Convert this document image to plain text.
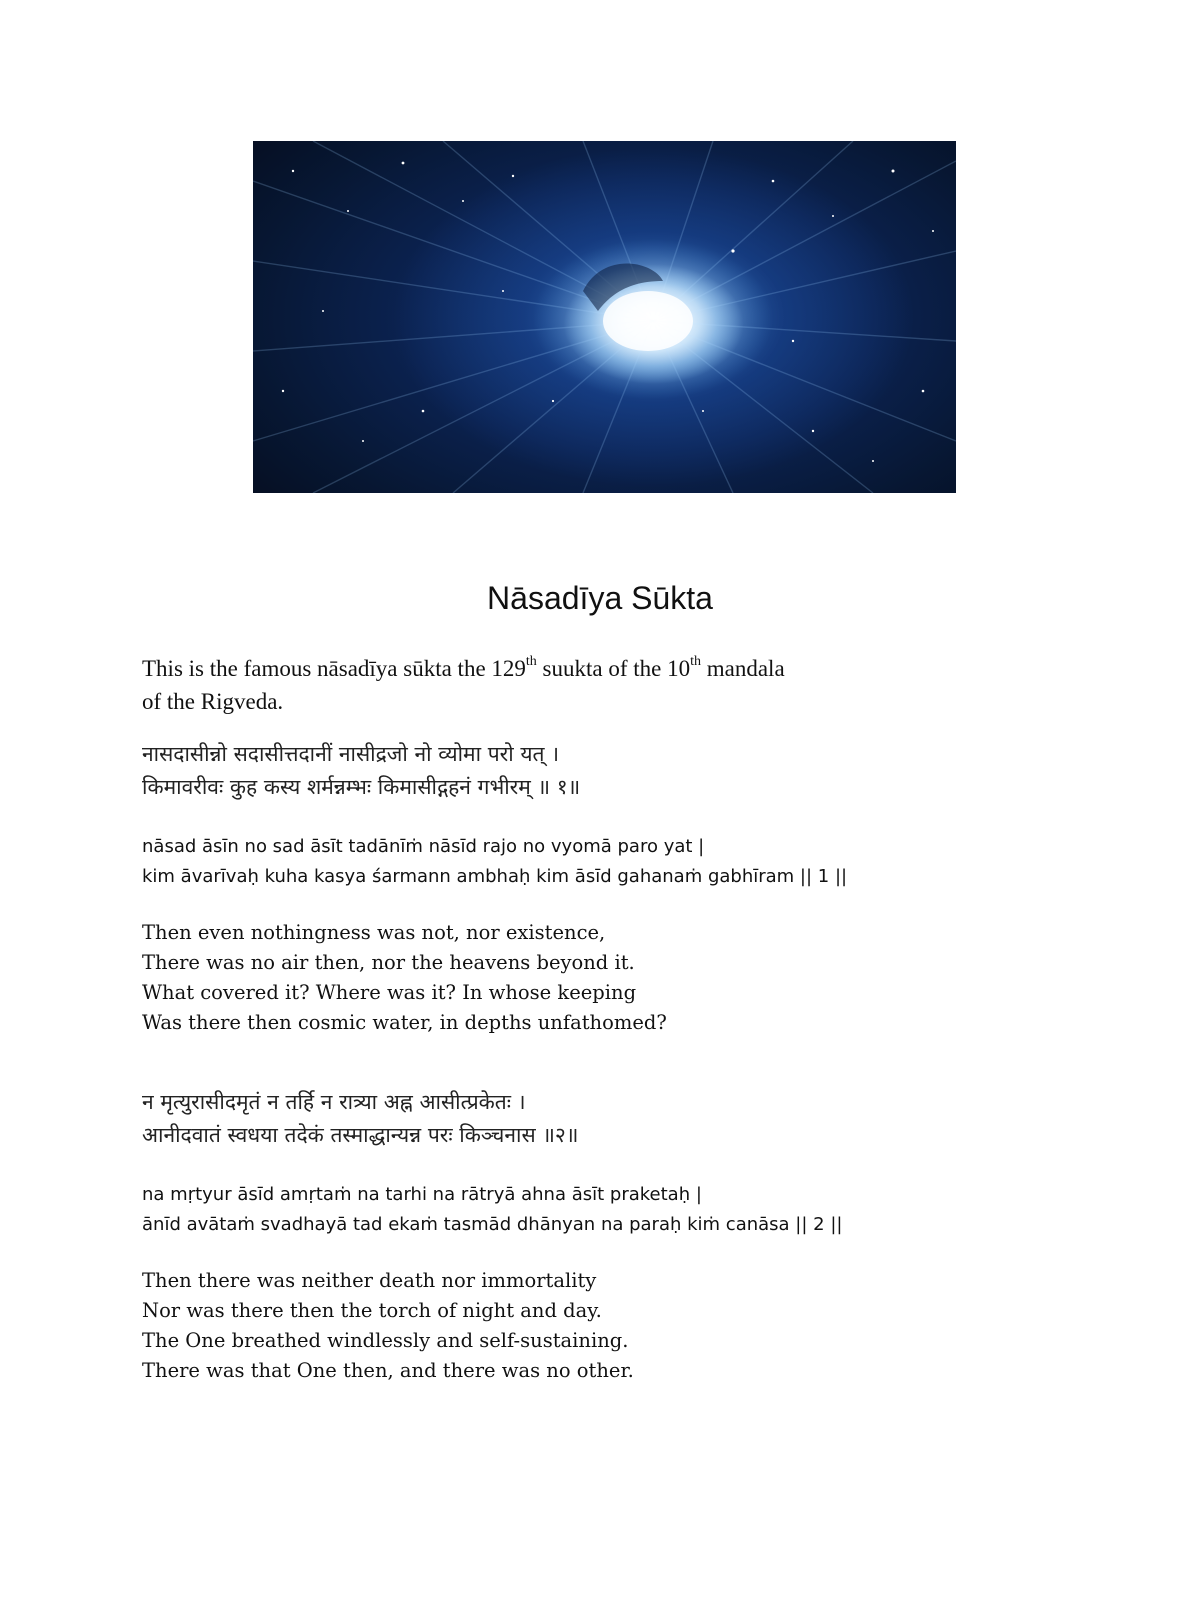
Nāsadīya Sūkta
This is the famous nāsadīya sūkta the 129th suukta of the 10th mandala
of the Rigveda.
नासदासीन्नो सदासीत्तदानीं नासीद्रजो नो व्योमा परो यत् ।
किमावरीवः कुह कस्य शर्मन्नम्भः किमासीद्गहनं गभीरम् ॥ १॥
nāsad āsīn no sad āsīt tadānīṁ nāsīd rajo no vyomā paro yat |
kim āvarīvaḥ kuha kasya śarmann ambhaḥ kim āsīd gahanaṁ gabhīram || 1 ||
Then even nothingness was not, nor existence,
There was no air then, nor the heavens beyond it.
What covered it? Where was it? In whose keeping
Was there then cosmic water, in depths unfathomed?
न मृत्युरासीदमृतं न तर्हि न रात्र्या अह्न आसीत्प्रकेतः ।
आनीदवातं स्वधया तदेकं तस्माद्धान्यन्न परः किञ्चनास ॥२॥
na mṛtyur āsīd amṛtaṁ na tarhi na rātryā ahna āsīt praketaḥ |
ānīd avātaṁ svadhayā tad ekaṁ tasmād dhānyan na paraḥ kiṁ canāsa || 2 ||
Then there was neither death nor immortality
Nor was there then the torch of night and day.
The One breathed windlessly and self-sustaining.
There was that One then, and there was no other.
